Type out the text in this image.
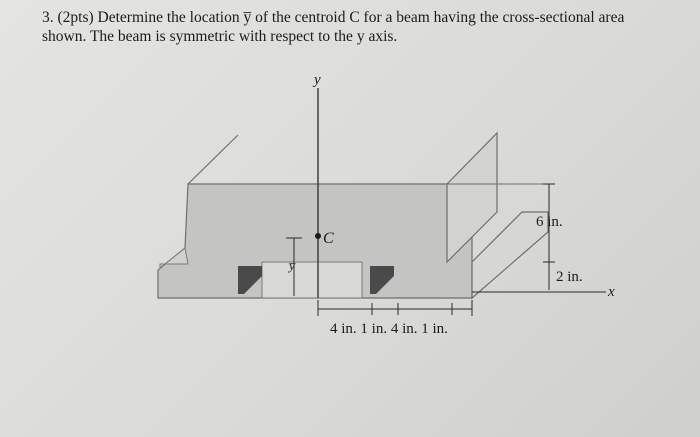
3. (2pts) Determine the location y̅ of the centroid C for a beam having the cross-sectional area
shown. The beam is symmetric with respect to the y axis.
y
C
y̅
6 in.
2 in.
x
4 in. 1 in. 4 in. 1 in.
